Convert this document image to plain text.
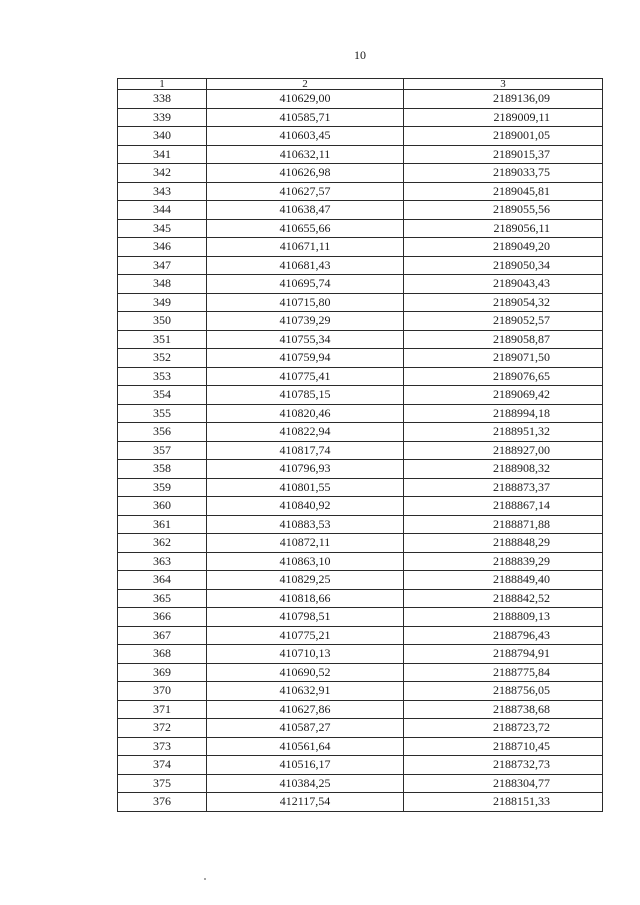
10
1	2	3
338	410629,00	2189136,09
339	410585,71	2189009,11
340	410603,45	2189001,05
341	410632,11	2189015,37
342	410626,98	2189033,75
343	410627,57	2189045,81
344	410638,47	2189055,56
345	410655,66	2189056,11
346	410671,11	2189049,20
347	410681,43	2189050,34
348	410695,74	2189043,43
349	410715,80	2189054,32
350	410739,29	2189052,57
351	410755,34	2189058,87
352	410759,94	2189071,50
353	410775,41	2189076,65
354	410785,15	2189069,42
355	410820,46	2188994,18
356	410822,94	2188951,32
357	410817,74	2188927,00
358	410796,93	2188908,32
359	410801,55	2188873,37
360	410840,92	2188867,14
361	410883,53	2188871,88
362	410872,11	2188848,29
363	410863,10	2188839,29
364	410829,25	2188849,40
365	410818,66	2188842,52
366	410798,51	2188809,13
367	410775,21	2188796,43
368	410710,13	2188794,91
369	410690,52	2188775,84
370	410632,91	2188756,05
371	410627,86	2188738,68
372	410587,27	2188723,72
373	410561,64	2188710,45
374	410516,17	2188732,73
375	410384,25	2188304,77
376	412117,54	2188151,33
